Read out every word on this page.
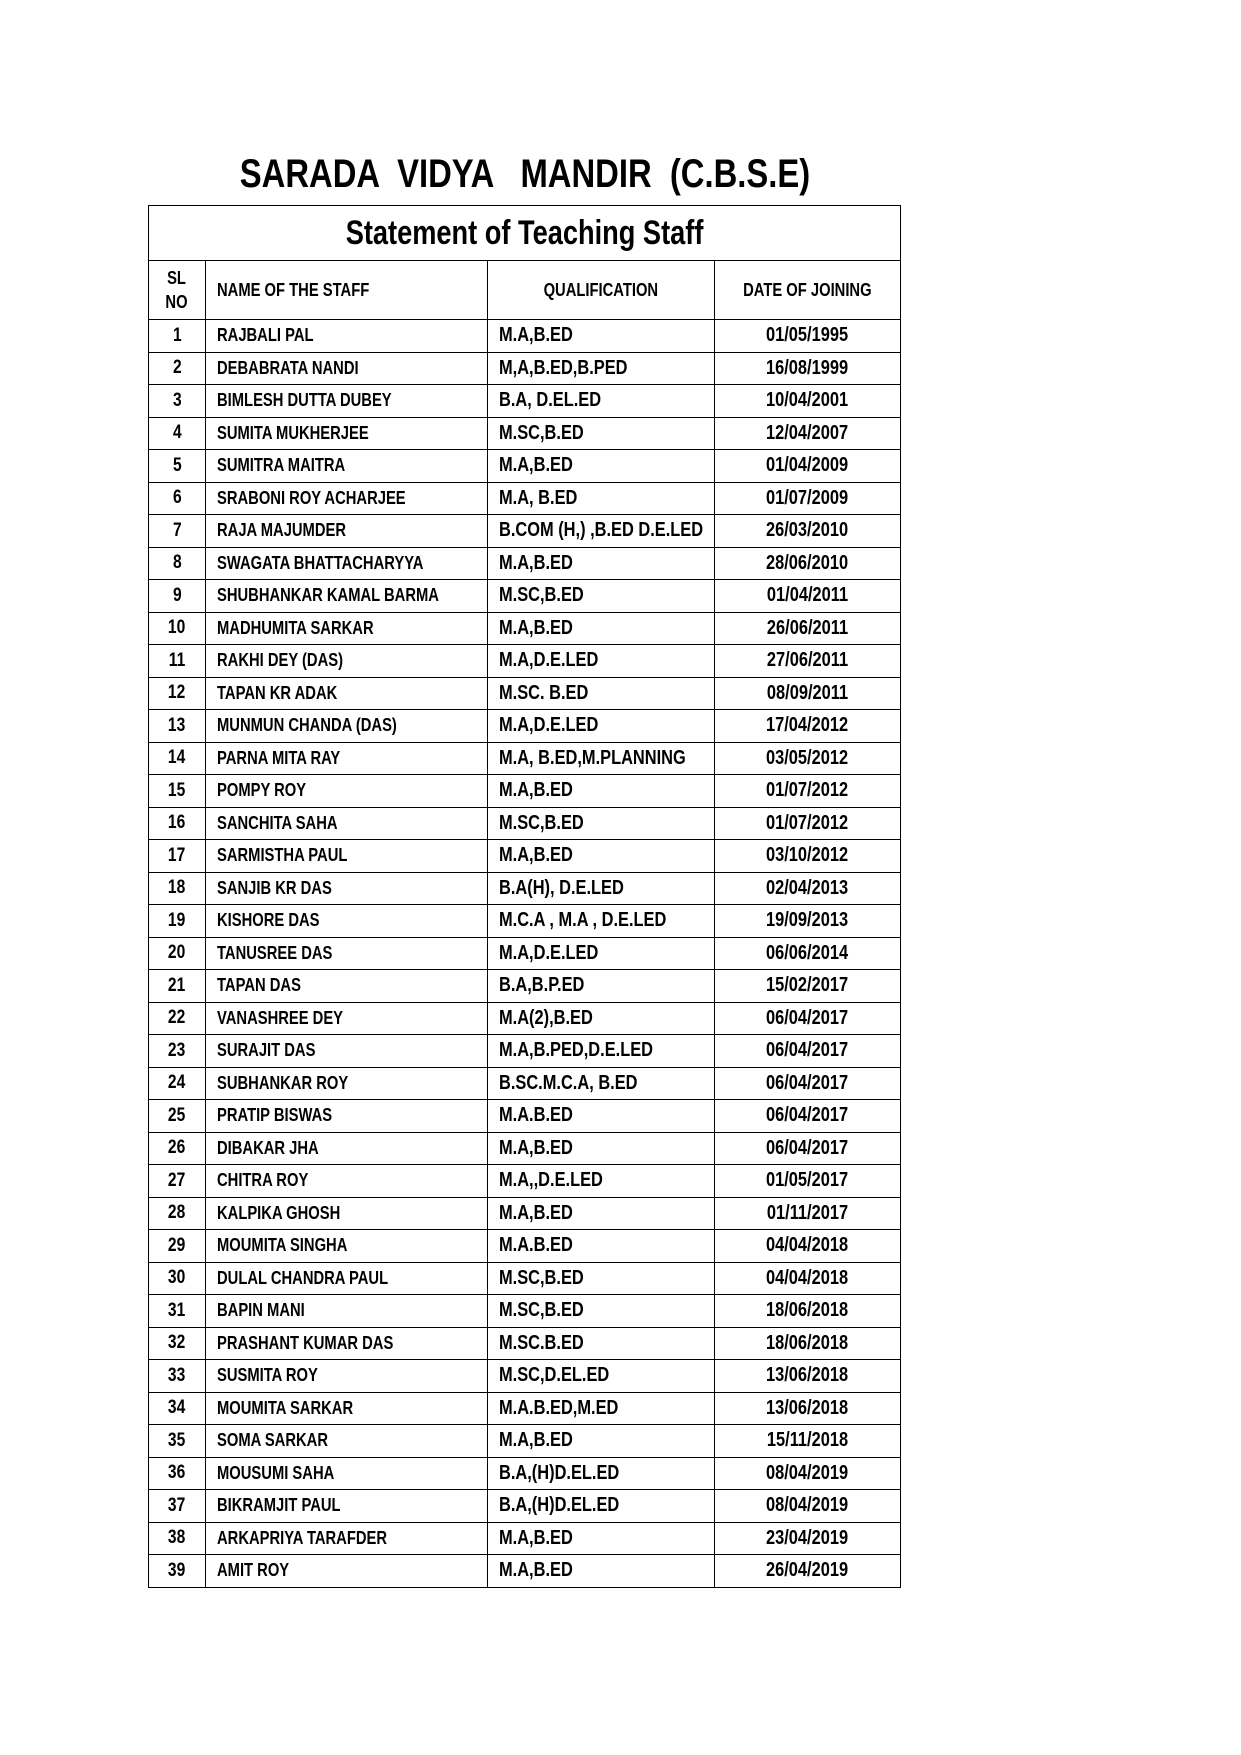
SARADA  VIDYA   MANDIR  (C.B.S.E)
Statement of Teaching Staff			
SL
NO	NAME OF THE STAFF	QUALIFICATION	DATE OF JOINING
1	RAJBALI PAL	M.A,B.ED	01/05/1995
2	DEBABRATA NANDI	M,A,B.ED,B.PED	16/08/1999
3	BIMLESH DUTTA DUBEY	B.A, D.EL.ED	10/04/2001
4	SUMITA MUKHERJEE	M.SC,B.ED	12/04/2007
5	SUMITRA MAITRA	M.A,B.ED	01/04/2009
6	SRABONI ROY ACHARJEE	M.A, B.ED	01/07/2009
7	RAJA MAJUMDER	B.COM (H,) ,B.ED D.E.LED	26/03/2010
8	SWAGATA BHATTACHARYYA	M.A,B.ED	28/06/2010
9	SHUBHANKAR KAMAL BARMA	M.SC,B.ED	01/04/2011
10	MADHUMITA SARKAR	M.A,B.ED	26/06/2011
11	RAKHI DEY (DAS)	M.A,D.E.LED	27/06/2011
12	TAPAN KR ADAK	M.SC. B.ED	08/09/2011
13	MUNMUN CHANDA (DAS)	M.A,D.E.LED	17/04/2012
14	PARNA MITA RAY	M.A, B.ED,M.PLANNING	03/05/2012
15	POMPY ROY	M.A,B.ED	01/07/2012
16	SANCHITA SAHA	M.SC,B.ED	01/07/2012
17	SARMISTHA PAUL	M.A,B.ED	03/10/2012
18	SANJIB KR DAS	B.A(H), D.E.LED	02/04/2013
19	KISHORE DAS	M.C.A , M.A , D.E.LED	19/09/2013
20	TANUSREE DAS	M.A,D.E.LED	06/06/2014
21	TAPAN DAS	B.A,B.P.ED	15/02/2017
22	VANASHREE DEY	M.A(2),B.ED	06/04/2017
23	SURAJIT DAS	M.A,B.PED,D.E.LED	06/04/2017
24	SUBHANKAR ROY	B.SC.M.C.A, B.ED	06/04/2017
25	PRATIP BISWAS	M.A.B.ED	06/04/2017
26	DIBAKAR JHA	M.A,B.ED	06/04/2017
27	CHITRA ROY	M.A,,D.E.LED	01/05/2017
28	KALPIKA GHOSH	M.A,B.ED	01/11/2017
29	MOUMITA SINGHA	M.A.B.ED	04/04/2018
30	DULAL CHANDRA PAUL	M.SC,B.ED	04/04/2018
31	BAPIN MANI	M.SC,B.ED	18/06/2018
32	PRASHANT KUMAR DAS	M.SC.B.ED	18/06/2018
33	SUSMITA ROY	M.SC,D.EL.ED	13/06/2018
34	MOUMITA SARKAR	M.A.B.ED,M.ED	13/06/2018
35	SOMA SARKAR	M.A,B.ED	15/11/2018
36	MOUSUMI SAHA	B.A,(H)D.EL.ED	08/04/2019
37	BIKRAMJIT PAUL	B.A,(H)D.EL.ED	08/04/2019
38	ARKAPRIYA TARAFDER	M.A,B.ED	23/04/2019
39	AMIT ROY	M.A,B.ED	26/04/2019
